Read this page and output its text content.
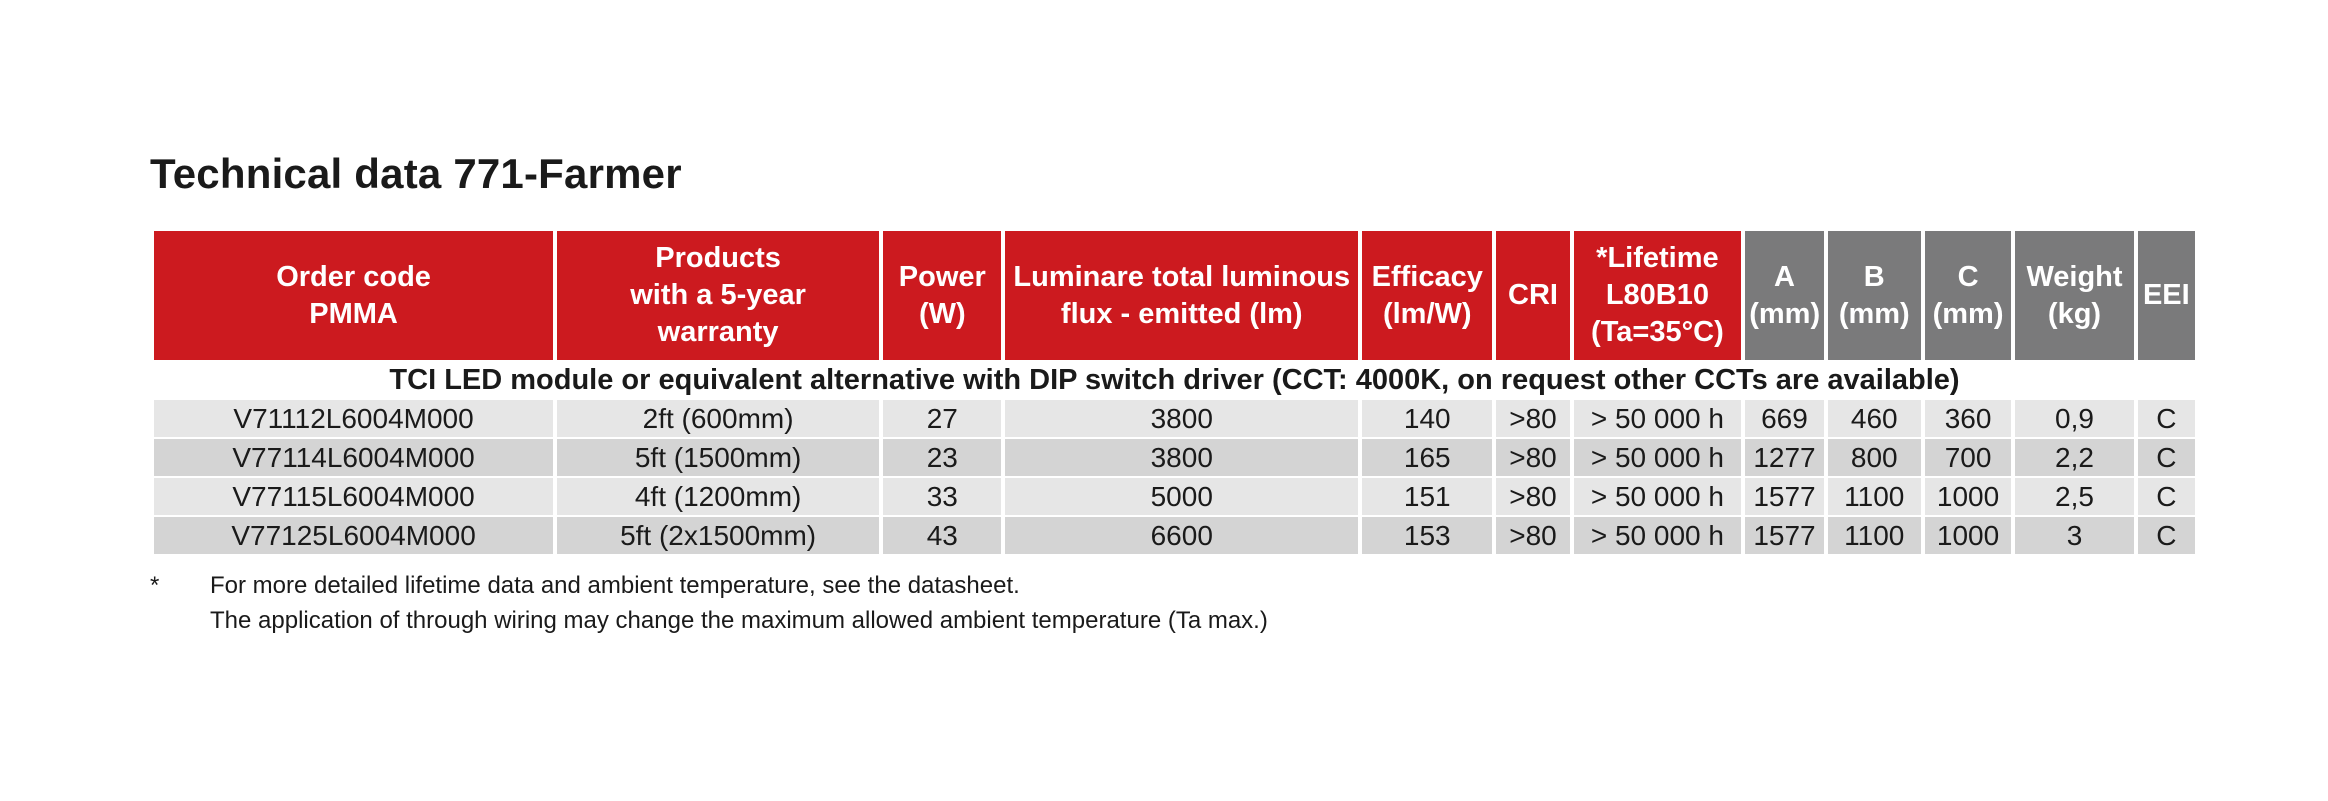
Technical data 771-Farmer
Order code
PMMA	Products
with a 5-year
warranty	Power
(W)	Luminare total luminous
flux - emitted (lm)	Efficacy
(lm/W)	CRI	*Lifetime
L80B10
(Ta=35°C)	A
(mm)	B
(mm)	C
(mm)	Weight
(kg)	EEI

TCI LED module or equivalent alternative with DIP switch driver (CCT: 4000K, on request other CCTs are available)											
V71112L6004M000	2ft (600mm)	27	3800	140	>80	> 50 000 h	669	460	360	0,9	C
V77114L6004M000	5ft (1500mm)	23	3800	165	>80	> 50 000 h	1277	800	700	2,2	C
V77115L6004M000	4ft (1200mm)	33	5000	151	>80	> 50 000 h	1577	1100	1000	2,5	C
V77125L6004M000	5ft (2x1500mm)	43	6600	153	>80	> 50 000 h	1577	1100	1000	3	C
* For more detailed lifetime data and ambient temperature, see the datasheet.
The application of through wiring may change the maximum allowed ambient temperature (Ta max.)
